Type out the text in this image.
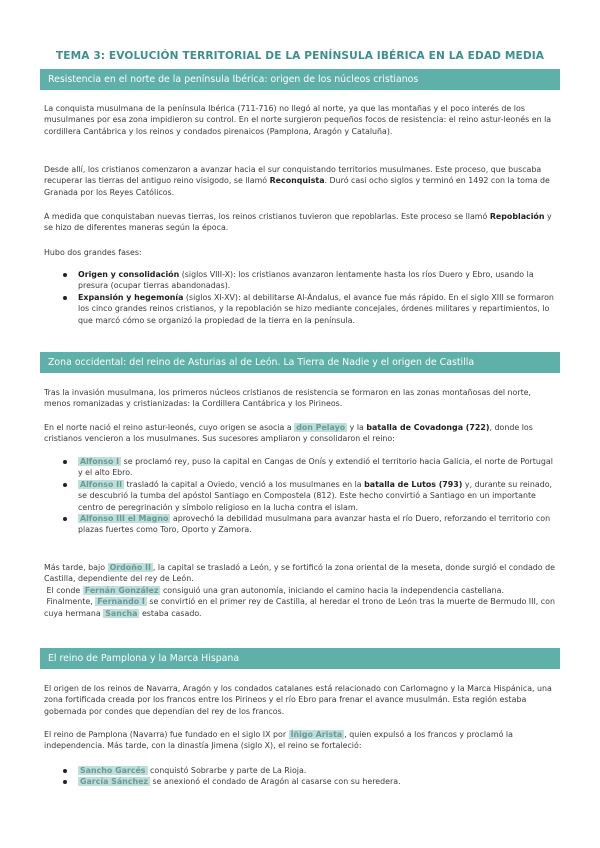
TEMA 3: EVOLUCIÓN TERRITORIAL DE LA PENÍNSULA IBÉRICA EN LA EDAD MEDIA
Resistencia en el norte de la península Ibérica: origen de los núcleos cristianos

La conquista musulmana de la península Ibérica (711-716) no llegó al norte, ya que las montañas y el poco interés de los musulmanes por esa zona impidieron su control. En el norte surgieron pequeños focos de resistencia: el reino astur-leonés en la cordillera Cantábrica y los reinos y condados pirenaicos (Pamplona, Aragón y Cataluña).

Desde allí, los cristianos comenzaron a avanzar hacia el sur conquistando territorios musulmanes. Este proceso, que buscaba recuperar las tierras del antiguo reino visigodo, se llamó Reconquista. Duró casi ocho siglos y terminó en 1492 con la toma de Granada por los Reyes Católicos.

A medida que conquistaban nuevas tierras, los reinos cristianos tuvieron que repoblarlas. Este proceso se llamó Repoblación y se hizo de diferentes maneras según la época.

Hubo dos grandes fases:

Origen y consolidación (siglos VIII-X): los cristianos avanzaron lentamente hasta los ríos Duero y Ebro, usando la presura (ocupar tierras abandonadas).
Expansión y hegemonía (siglos XI-XV): al debilitarse Al-Ándalus, el avance fue más rápido. En el siglo XIII se formaron los cinco grandes reinos cristianos, y la repoblación se hizo mediante concejales, órdenes militares y repartimientos, lo que marcó cómo se organizó la propiedad de la tierra en la península.
Zona occidental: del reino de Asturias al de León. La Tierra de Nadie y el origen de Castilla

Tras la invasión musulmana, los primeros núcleos cristianos de resistencia se formaron en las zonas montañosas del norte, menos romanizadas y cristianizadas: la Cordillera Cantábrica y los Pirineos.

En el norte nació el reino astur-leonés, cuyo origen se asocia a don Pelayo y la batalla de Covadonga (722), donde los cristianos vencieron a los musulmanes. Sus sucesores ampliaron y consolidaron el reino:

Alfonso I se proclamó rey, puso la capital en Cangas de Onís y extendió el territorio hacia Galicia, el norte de Portugal y el alto Ebro.
Alfonso II trasladó la capital a Oviedo, venció a los musulmanes en la batalla de Lutos (793) y, durante su reinado, se descubrió la tumba del apóstol Santiago en Compostela (812). Este hecho convirtió a Santiago en un importante centro de peregrinación y símbolo religioso en la lucha contra el islam.
Alfonso III el Magno aprovechó la debilidad musulmana para avanzar hasta el río Duero, reforzando el territorio con plazas fuertes como Toro, Oporto y Zamora.

Más tarde, bajo Ordoño II , la capital se trasladó a León, y se fortificó la zona oriental de la meseta, donde surgió el condado de Castilla, dependiente del rey de León.

El conde Fernán González consiguió una gran autonomía, iniciando el camino hacia la independencia castellana.

Finalmente, Fernando I se convirtió en el primer rey de Castilla, al heredar el trono de León tras la muerte de Bermudo III, con cuya hermana Sancha estaba casado.

El reino de Pamplona y la Marca Hispana

El origen de los reinos de Navarra, Aragón y los condados catalanes está relacionado con Carlomagno y la Marca Hispánica, una zona fortificada creada por los francos entre los Pirineos y el río Ebro para frenar el avance musulmán. Esta región estaba gobernada por condes que dependían del rey de los francos.

El reino de Pamplona (Navarra) fue fundado en el siglo IX por Íñigo Arista , quien expulsó a los francos y proclamó la independencia. Más tarde, con la dinastía Jimena (siglo X), el reino se fortaleció:

Sancho Garcés conquistó Sobrarbe y parte de La Rioja.
García Sánchez se anexionó el condado de Aragón al casarse con su heredera.
